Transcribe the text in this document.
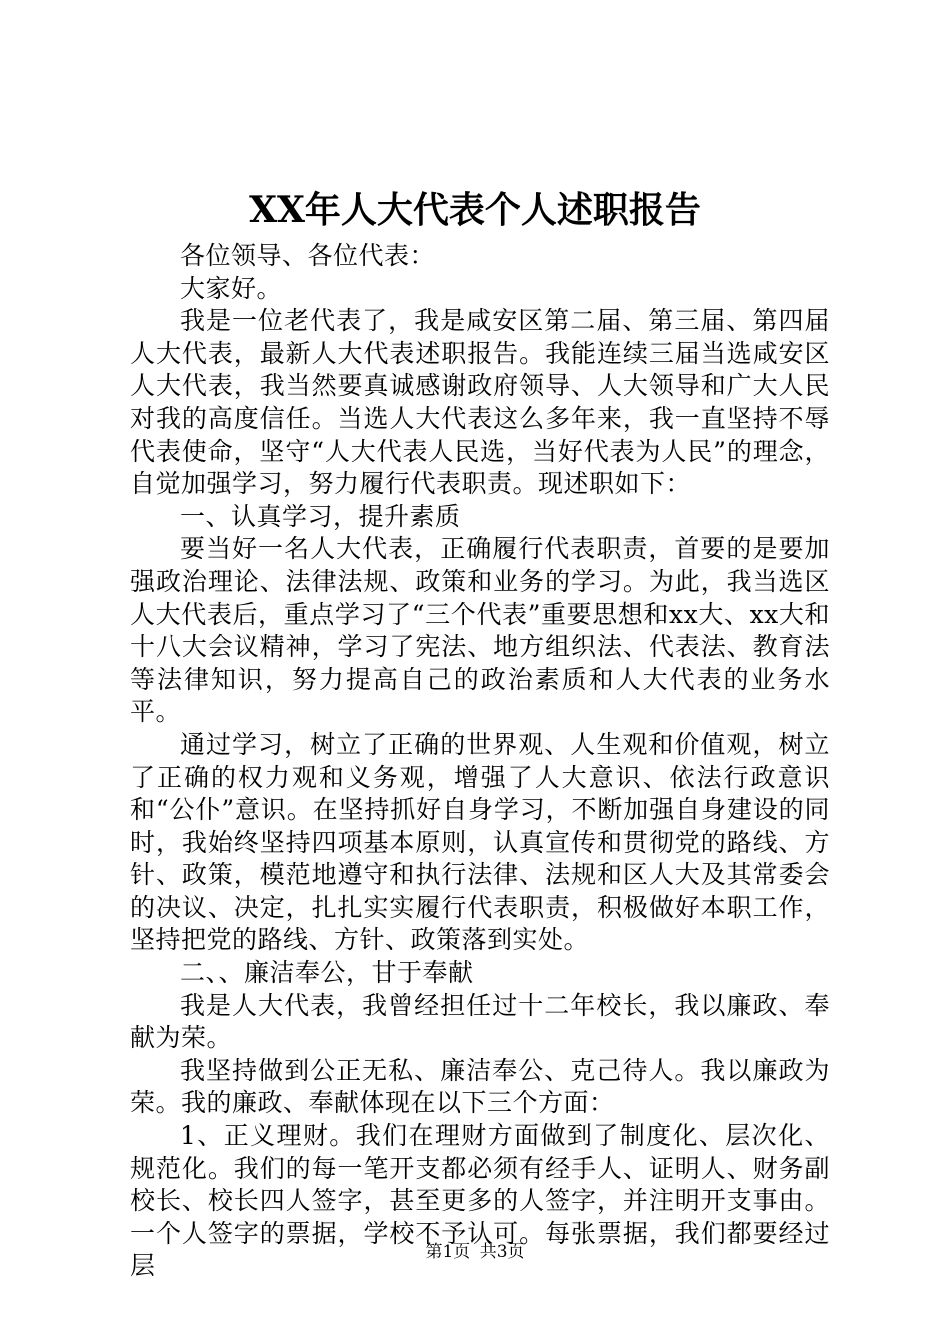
XX年人大代表个人述职报告

各位领导、各位代表：

大家好。

我是一位老代表了，我是咸安区第二届、第三届、第四届人大代表，最新人大代表述职报告。我能连续三届当选咸安区人大代表，我当然要真诚感谢政府领导、人大领导和广大人民对我的高度信任。当选人大代表这么多年来，我一直坚持不辱代表使命，坚守“人大代表人民选，当好代表为人民”的理念，自觉加强学习，努力履行代表职责。现述职如下：

一、认真学习，提升素质

要当好一名人大代表，正确履行代表职责，首要的是要加强政治理论、法律法规、政策和业务的学习。为此，我当选区人大代表后，重点学习了“三个代表”重要思想和xx大、xx大和十八大会议精神，学习了宪法、地方组织法、代表法、教育法等法律知识，努力提高自己的政治素质和人大代表的业务水平。

通过学习，树立了正确的世界观、人生观和价值观，树立了正确的权力观和义务观，增强了人大意识、依法行政意识和“公仆”意识。在坚持抓好自身学习，不断加强自身建设的同时，我始终坚持四项基本原则，认真宣传和贯彻党的路线、方针、政策，模范地遵守和执行法律、法规和区人大及其常委会的决议、决定，扎扎实实履行代表职责，积极做好本职工作，坚持把党的路线、方针、政策落到实处。

二、、廉洁奉公，甘于奉献

我是人大代表，我曾经担任过十二年校长，我以廉政、奉献为荣。

我坚持做到公正无私、廉洁奉公、克己待人。我以廉政为荣。我的廉政、奉献体现在以下三个方面：

1、正义理财。我们在理财方面做到了制度化、层次化、规范化。我们的每一笔开支都必须有经手人、证明人、财务副校长、校长四人签字，甚至更多的人签字，并注明开支事由。一个人签字的票据，学校不予认可。每张票据，我们都要经过层	第1页 共3页
